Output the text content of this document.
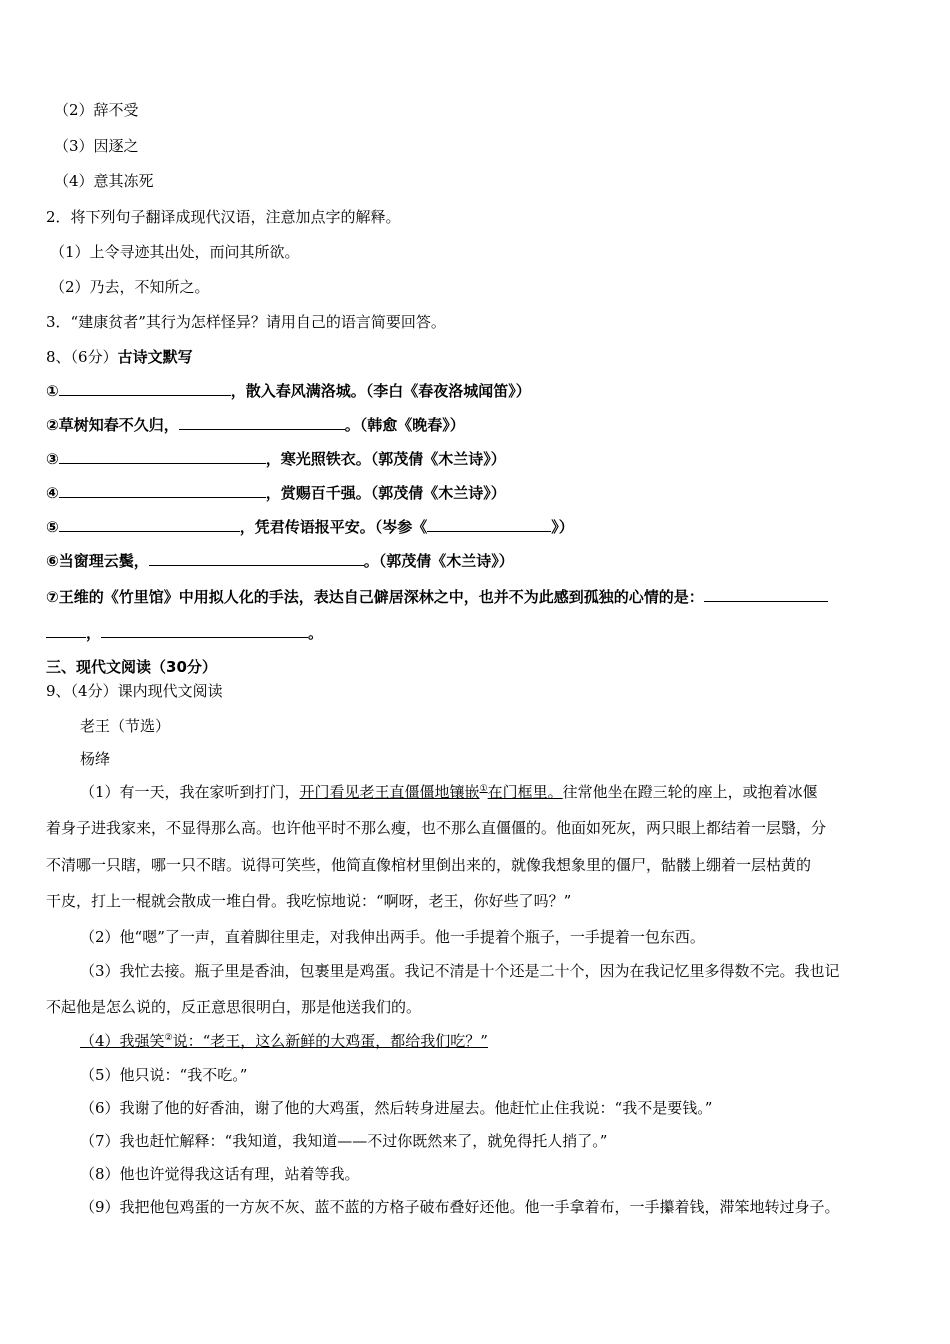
（2）辞不受
（3）因逐之
（4）意其冻死
2．将下列句子翻译成现代汉语，注意加点字的解释。
（1）上令寻迹其出处，而问其所欲。
（2）乃去，不知所之。
3．“建康贫者”其行为怎样怪异？请用自己的语言简要回答。
8、（6分）古诗文默写
①	，散入春风满洛城。（李白《春夜洛城闻笛》）
②草树知春不久归，	。（韩愈《晚春》）
③	，寒光照铁衣。（郭茂倩《木兰诗》）
④	，赏赐百千强。（郭茂倩《木兰诗》）
⑤	，凭君传语报平安。（岑参《	》）
⑥当窗理云鬓，	。（郭茂倩《木兰诗》）
⑦王维的《竹里馆》中用拟人化的手法，表达自己僻居深林之中，也并不为此感到孤独的心情的是：
，	。
三、现代文阅读（30分）
9、（4分）课内现代文阅读
老王（节选）
杨绛
（1）有一天，我在家听到打门，开门看见老王直僵僵地镶嵌①在门框里。往常他坐在蹬三轮的座上，或抱着冰偃
着身子进我家来，不显得那么高。也许他平时不那么瘦，也不那么直僵僵的。他面如死灰，两只眼上都结着一层翳，分
不清哪一只瞎，哪一只不瞎。说得可笑些，他简直像棺材里倒出来的，就像我想象里的僵尸，骷髅上绷着一层枯黄的
干皮，打上一棍就会散成一堆白骨。我吃惊地说：“啊呀，老王，你好些了吗？”
（2）他“嗯”了一声，直着脚往里走，对我伸出两手。他一手提着个瓶子，一手提着一包东西。
（3）我忙去接。瓶子里是香油，包裹里是鸡蛋。我记不清是十个还是二十个，因为在我记忆里多得数不完。我也记
不起他是怎么说的，反正意思很明白，那是他送我们的。
（4）我强笑②说：“老王，这么新鲜的大鸡蛋，都给我们吃？”
（5）他只说：“我不吃。”
（6）我谢了他的好香油，谢了他的大鸡蛋，然后转身进屋去。他赶忙止住我说：“我不是要钱。”
（7）我也赶忙解释：“我知道，我知道——不过你既然来了，就免得托人捎了。”
（8）他也许觉得我这话有理，站着等我。
（9）我把他包鸡蛋的一方灰不灰、蓝不蓝的方格子破布叠好还他。他一手拿着布，一手攥着钱，滞笨地转过身子。
